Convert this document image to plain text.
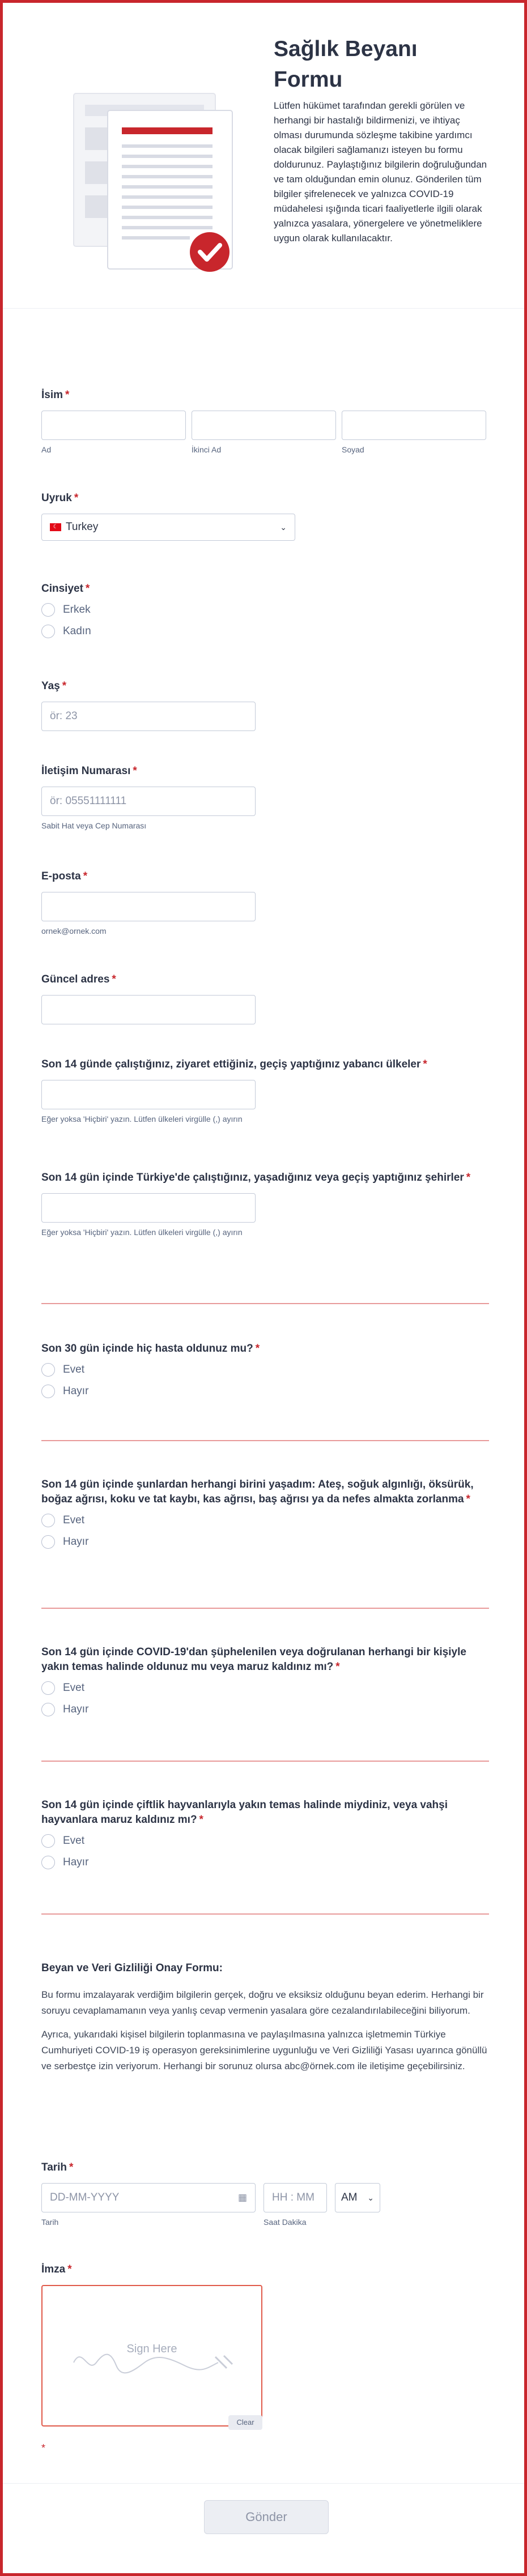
Sağlık Beyanı Formu

Lütfen hükümet tarafından gerekli görülen ve herhangi bir hastalığı bildirmenizi, ve ihtiyaç olması durumunda sözleşme takibine yardımcı olacak bilgileri sağlamanızı isteyen bu formu doldurunuz. Paylaştığınız bilgilerin doğruluğundan ve tam olduğundan emin olunuz. Gönderilen tüm bilgiler şifrelenecek ve yalnızca COVID-19 müdahelesi ışığında ticari faaliyetlerle ilgili olarak yalnızca yasalara, yönergelere ve yönetmeliklere uygun olarak kullanılacaktır.

İsim *
Ad	İkinci Ad	Soyad
Uyruk *
☾ Turkey	⌄
Cinsiyet *
Erkek
Kadın
Yaş *
ör: 23
İletişim Numarası *
ör: 05551111111
Sabit Hat veya Cep Numarası
E-posta *
ornek@ornek.com
Güncel adres *
Son 14 günde çalıştığınız, ziyaret ettiğiniz, geçiş yaptığınız yabancı ülkeler *
Eğer yoksa 'Hiçbiri' yazın. Lütfen ülkeleri virgülle (,) ayırın
Son 14 gün içinde Türkiye'de çalıştığınız, yaşadığınız veya geçiş yaptığınız şehirler *
Eğer yoksa 'Hiçbiri' yazın. Lütfen ülkeleri virgülle (,) ayırın
Son 30 gün içinde hiç hasta oldunuz mu? *
Evet
Hayır
Son 14 gün içinde şunlardan herhangi birini yaşadım: Ateş, soğuk algınlığı, öksürük, boğaz ağrısı, koku ve tat kaybı, kas ağrısı, baş ağrısı ya da nefes almakta zorlanma *
Evet
Hayır
Son 14 gün içinde COVID-19'dan şüphelenilen veya doğrulanan herhangi bir kişiyle yakın temas halinde oldunuz mu veya maruz kaldınız mı? *
Evet
Hayır
Son 14 gün içinde çiftlik hayvanlarıyla yakın temas halinde miydiniz, veya vahşi hayvanlara maruz kaldınız mı? *
Evet
Hayır
Beyan ve Veri Gizliliği Onay Formu:

Bu formu imzalayarak verdiğim bilgilerin gerçek, doğru ve eksiksiz olduğunu beyan ederim. Herhangi bir soruyu cevaplamamanın veya yanlış cevap vermenin yasalara göre cezalandırılabileceğini biliyorum.

Ayrıca, yukarıdaki kişisel bilgilerin toplanmasına ve paylaşılmasına yalnızca işletmemin Türkiye Cumhuriyeti COVID-19 iş operasyon gereksinimlerine uygunluğu ve Veri Gizliliği Yasası uyarınca gönüllü ve serbestçe izin veriyorum. Herhangi bir sorunuz olursa abc@örnek.com ile iletişime geçebilirsiniz.

Tarih *
DD-MM-YYYY	▦
Tarih
HH : MM
Saat Dakika
AM ⌄
İmza *
Sign Here
Clear
*
Gönder
